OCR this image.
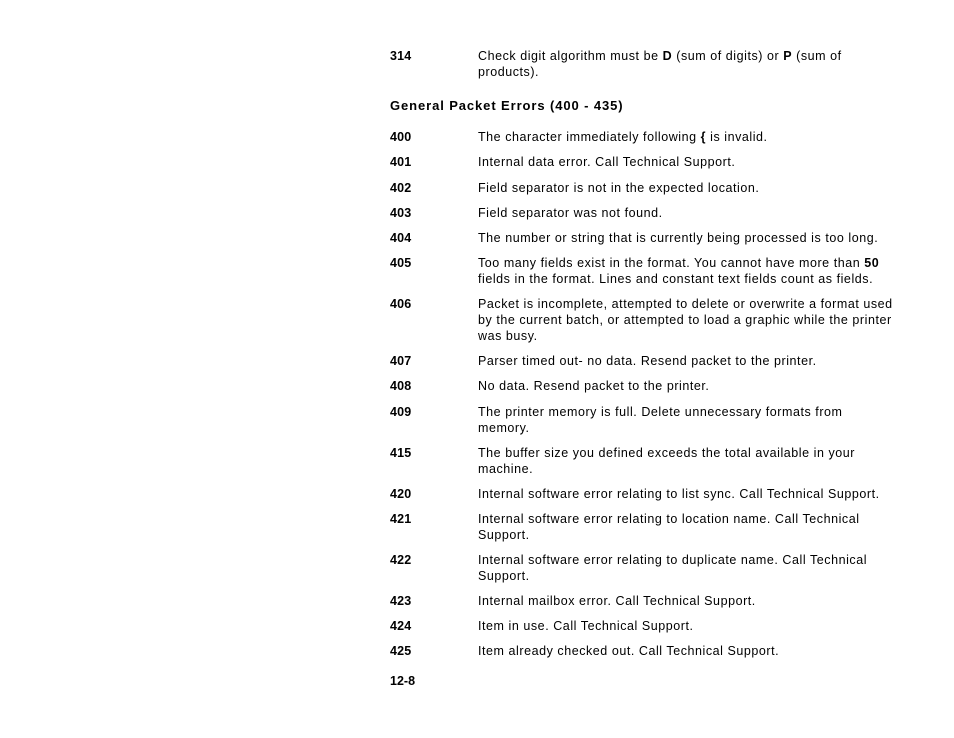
314	Check digit algorithm must be D (sum of digits) or P (sum of
products).
General Packet Errors (400 - 435)
400	The character immediately following { is invalid.
401	Internal data error. Call Technical Support.
402	Field separator is not in the expected location.
403	Field separator was not found.
404	The number or string that is currently being processed is too long.
405	Too many fields exist in the format. You cannot have more than 50
fields in the format. Lines and constant text fields count as fields.
406	Packet is incomplete, attempted to delete or overwrite a format used
by the current batch, or attempted to load a graphic while the printer
was busy.
407	Parser timed out- no data. Resend packet to the printer.
408	No data. Resend packet to the printer.
409	The printer memory is full. Delete unnecessary formats from
memory.
415	The buffer size you defined exceeds the total available in your
machine.
420	Internal software error relating to list sync. Call Technical Support.
421	Internal software error relating to location name. Call Technical
Support.
422	Internal software error relating to duplicate name. Call Technical
Support.
423	Internal mailbox error. Call Technical Support.
424	Item in use. Call Technical Support.
425	Item already checked out. Call Technical Support.
12-8
